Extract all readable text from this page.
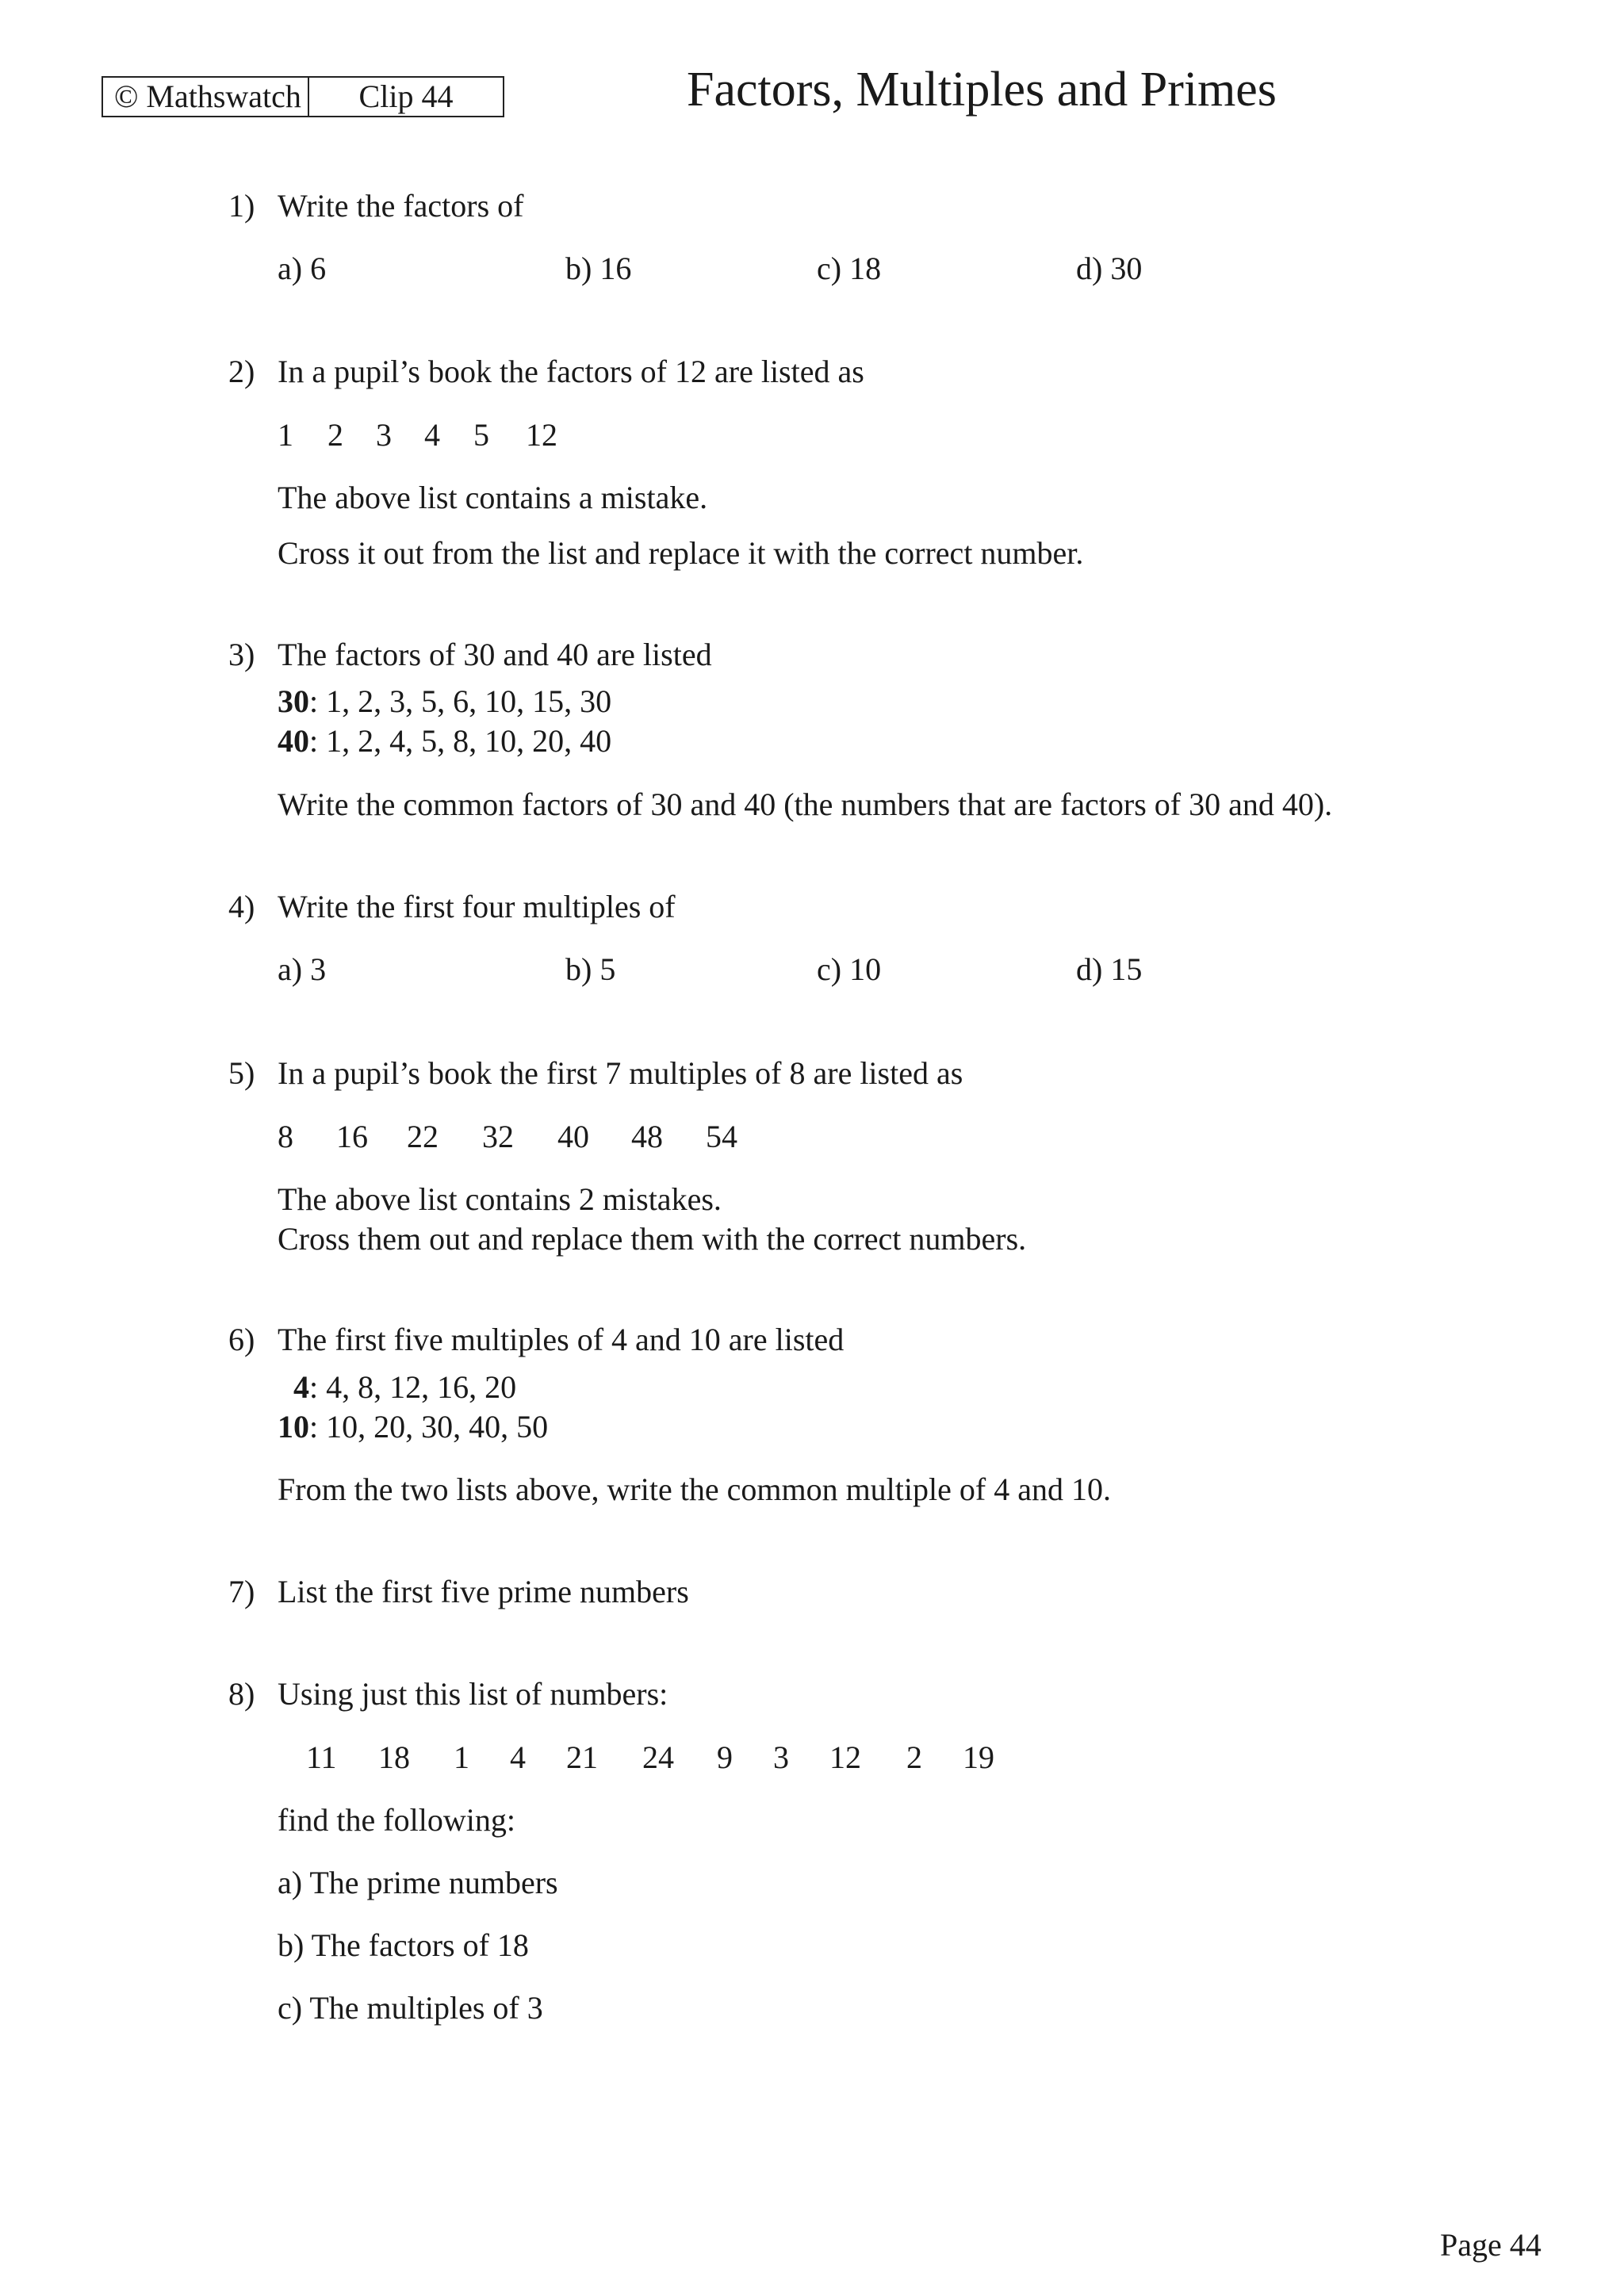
© Mathswatch	Clip 44	Factors, Multiples and Primes
1) Write the factors of
a) 6	b) 16	c) 18	d) 30
2) In a pupil’s book the factors of 12 are listed as
1 2 3 4 5 12
The above list contains a mistake.
Cross it out from the list and replace it with the correct number.
3) The factors of 30 and 40 are listed
30: 1, 2, 3, 5, 6, 10, 15, 30
40: 1, 2, 4, 5, 8, 10, 20, 40
Write the common factors of 30 and 40 (the numbers that are factors of 30 and 40).
4) Write the first four multiples of
a) 3	b) 5	c) 10	d) 15
5) In a pupil’s book the first 7 multiples of 8 are listed as
8 16 22 32 40 48 54
The above list contains 2 mistakes.
Cross them out and replace them with the correct numbers.
6) The first five multiples of 4 and 10 are listed
4: 4, 8, 12, 16, 20
10: 10, 20, 30, 40, 50
From the two lists above, write the common multiple of 4 and 10.
7) List the first five prime numbers
8) Using just this list of numbers:
11 18 1 4 21 24 9 3 12 2 19
find the following:
a) The prime numbers
b) The factors of 18
c) The multiples of 3
Page 44
